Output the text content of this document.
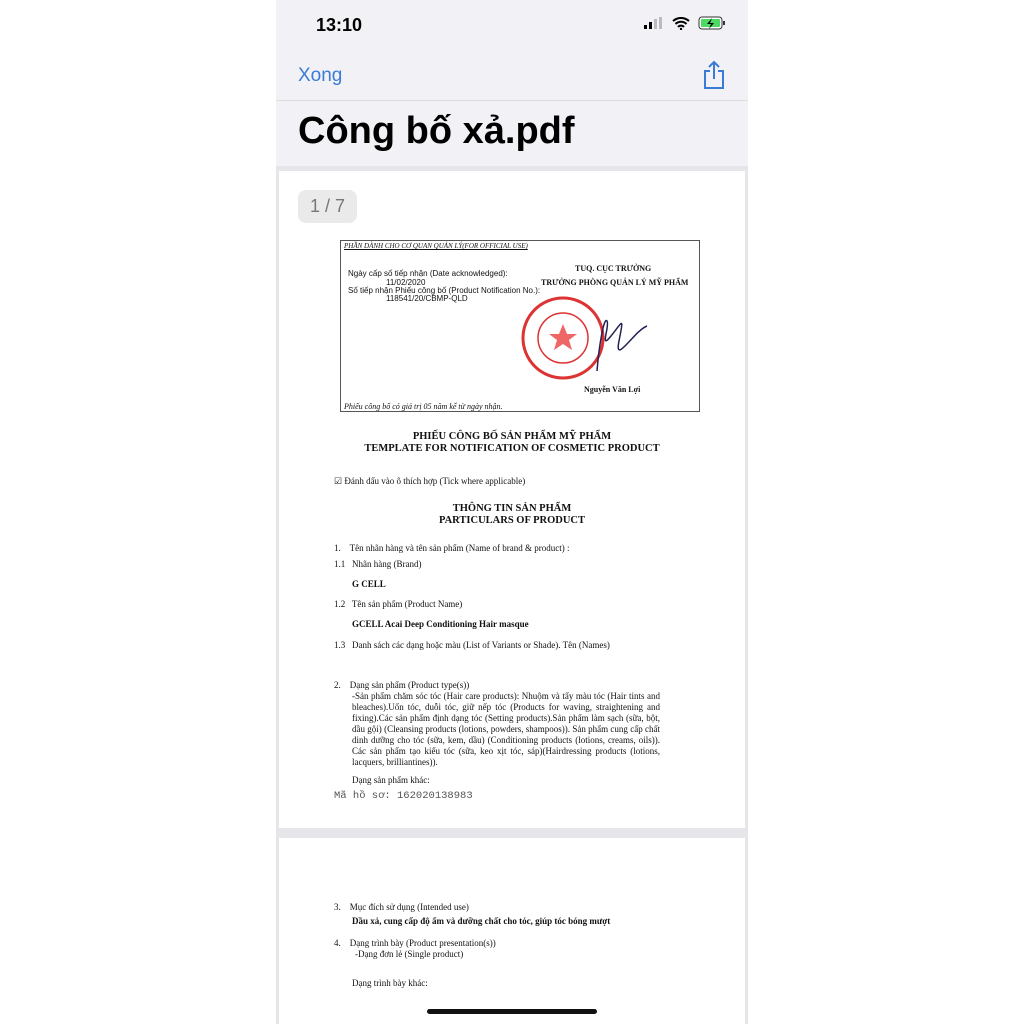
13:10
Xong
Công bố xả.pdf
1 / 7
PHẦN DÀNH CHO CƠ QUAN QUẢN LÝ(FOR OFFICIAL USE)
Ngày cấp số tiếp nhận (Date acknowledged):
11/02/2020
Số tiếp nhận Phiếu công bố (Product Notification No.):
118541/20/CBMP-QLD
TUQ. CỤC TRƯỞNG
TRƯỞNG PHÒNG QUẢN LÝ MỸ PHẨM
Nguyễn Văn Lợi
Phiếu công bố có giá trị 05 năm kể từ ngày nhận.
PHIẾU CÔNG BỐ SẢN PHẨM MỸ PHẨM
TEMPLATE FOR NOTIFICATION OF COSMETIC PRODUCT
☑ Đánh dấu vào ô thích hợp (Tick where applicable)
THÔNG TIN SẢN PHẨM
PARTICULARS OF PRODUCT
1.    Tên nhãn hàng và tên sản phẩm (Name of brand & product) :
1.1   Nhãn hàng (Brand)
G CELL
1.2   Tên sản phẩm (Product Name)
GCELL Acai Deep Conditioning Hair masque
1.3   Danh sách các dạng hoặc màu (List of Variants or Shade). Tên (Names)
2.    Dạng sản phẩm (Product type(s))
-Sản phẩm chăm sóc tóc (Hair care products): Nhuộm và tẩy màu tóc (Hair tints and bleaches).Uốn tóc, duỗi tóc, giữ nếp tóc (Products for waving, straightening and fixing).Các sản phẩm định dạng tóc (Setting products).Sản phẩm làm sạch (sữa, bột, dầu gội) (Cleansing products (lotions, powders, shampoos)). Sản phẩm cung cấp chất dinh dưỡng cho tóc (sữa, kem, dầu) (Conditioning products (lotions, creams, oils)). Các sản phẩm tạo kiểu tóc (sữa, keo xịt tóc, sáp)(Hairdressing products (lotions, lacquers, brilliantines)).
Dạng sản phẩm khác:
Mã hồ sơ: 162020138983
3.    Mục đích sử dụng (Intended use)
Dầu xả, cung cấp độ ẩm và dưỡng chất cho tóc, giúp tóc bóng mượt
4.    Dạng trình bày (Product presentation(s))
-Dạng đơn lẻ (Single product)
Dạng trình bày khác:
